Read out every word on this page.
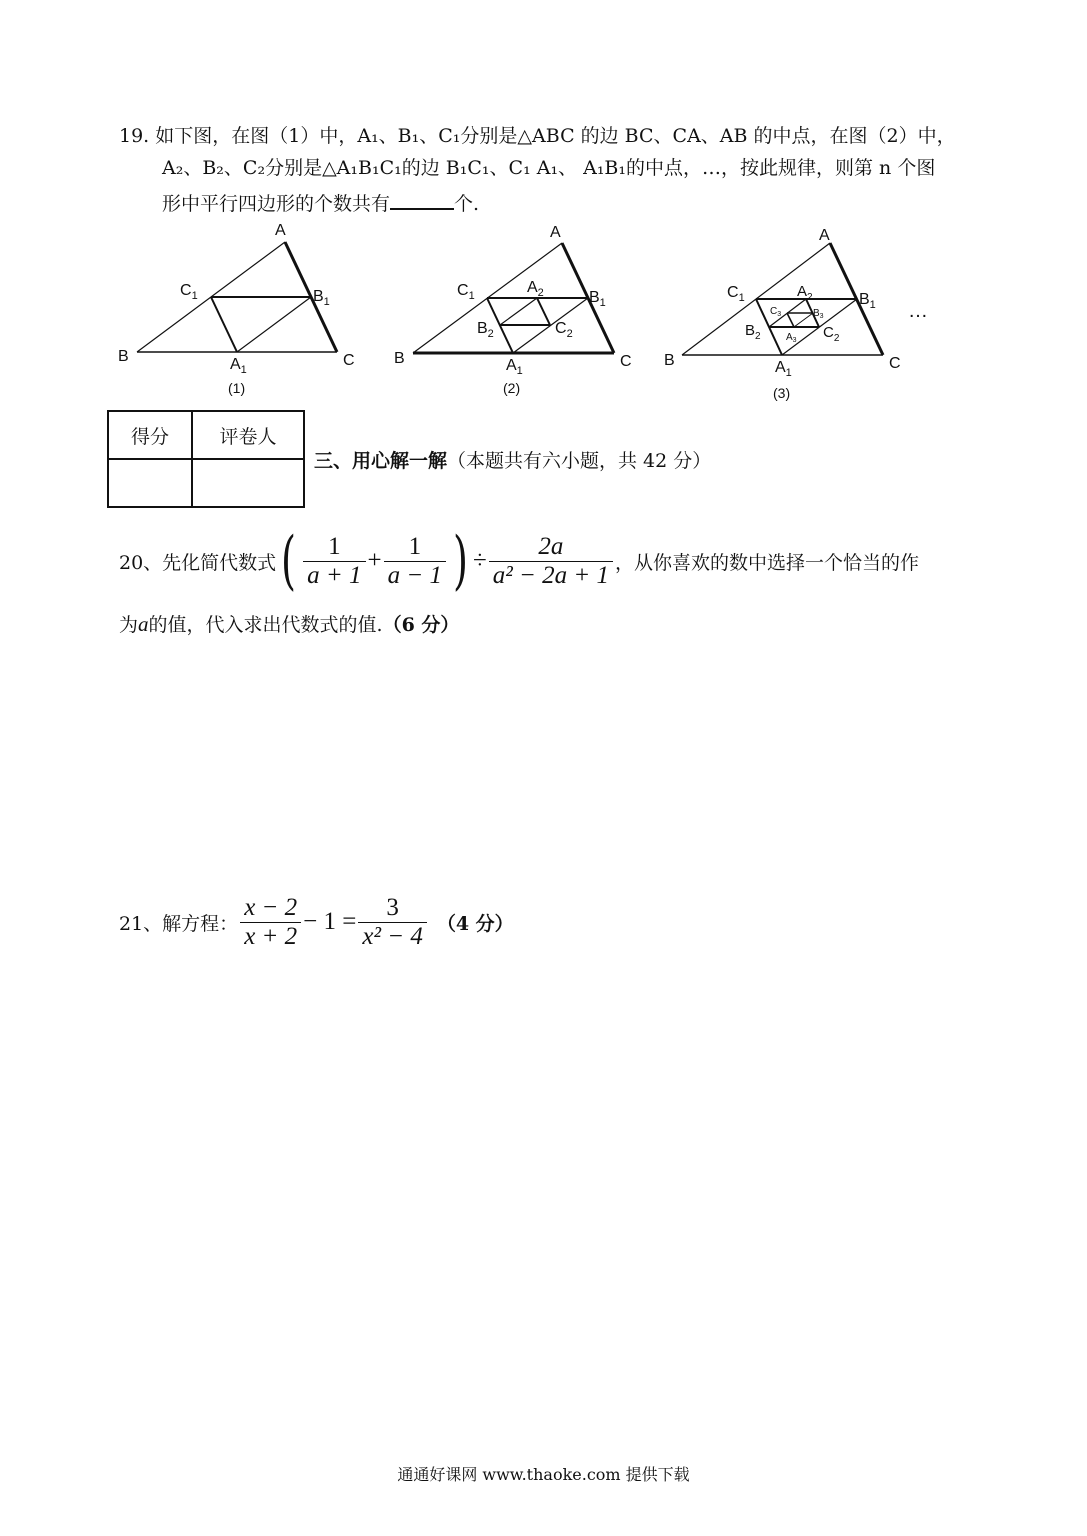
19. 如下图，在图（1）中，A₁、B₁、C₁分别是△ABC 的边 BC、CA、AB 的中点，在图（2）中，
A₂、B₂、C₂分别是△A₁B₁C₁的边 B₁C₁、C₁ A₁、 A₁B₁的中点，…，按此规律，则第 n 个图
形中平行四边形的个数共有	个.
A
B	C
$C_1$	$B_1$
$A_1$
(1)
A
B	C
$C_1$	$B_1$
$A_1$
$A_2$
$B_2$	$C_2$
(2)
A
B	C
$C_1$	$B_1$
$A_1$
$A_2$
$B_2$	$C_2$
$C_3$	$B_3$
$A_3$
(3)
…
得分	评卷人

三、用心解一解（本题共有六小题，共 42 分）
20、先化简代数式 ( $\frac{1}{a + 1} + \frac{1}{a - 1}$ ) ÷ $\frac{2a}{\text{a² − 2a + 1}}$ ，从你喜欢的数中选择一个恰当的作
为a的值，代入求出代数式的值.（6 分）
21、解方程： $\frac{x - 2}{x + 2} - 1 = \frac{3}{\text{x² − 4}} (4$ 分）
通通好课网 www.thaoke.com 提供下载
